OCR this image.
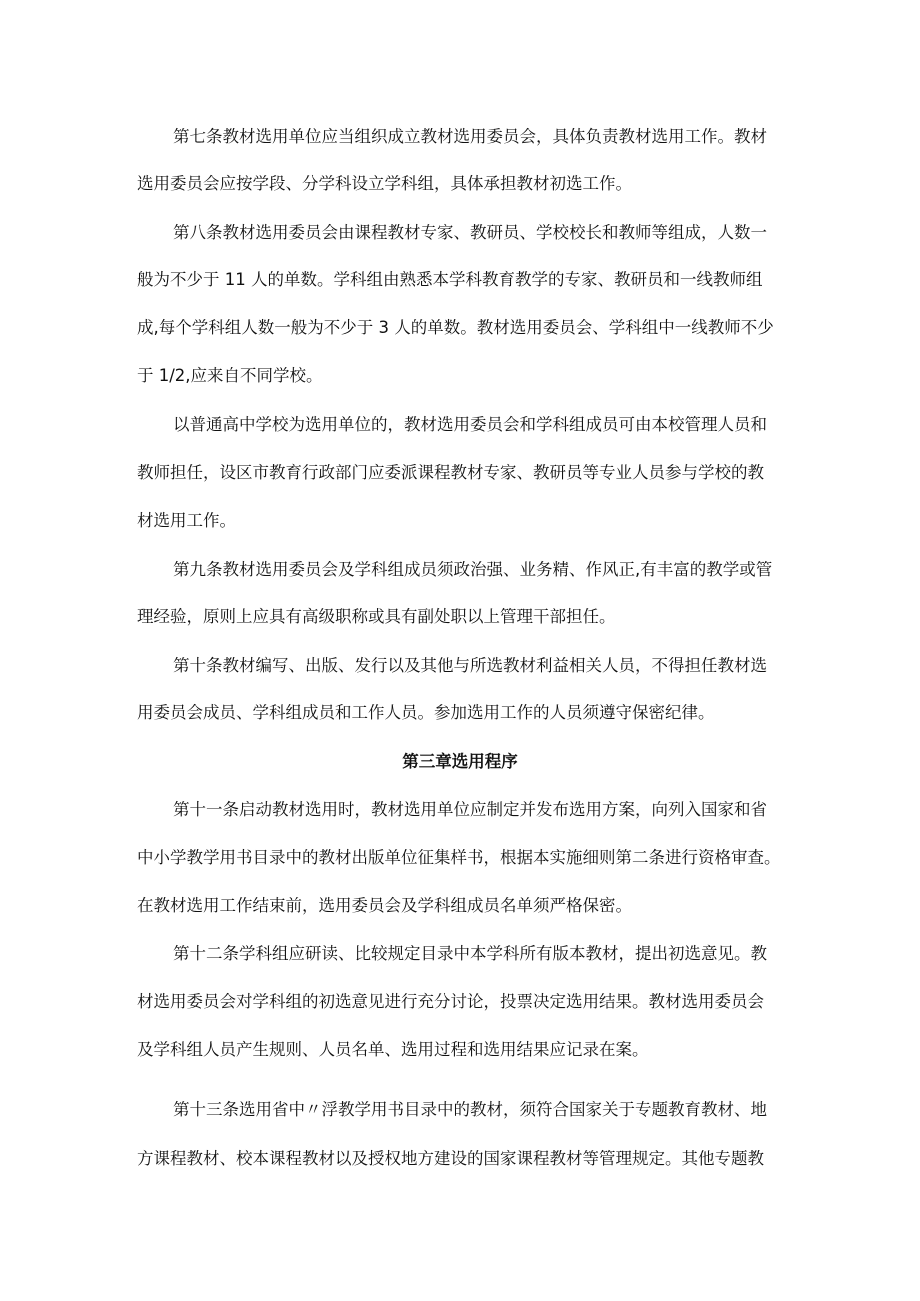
第七条教材选用单位应当组织成立教材选用委员会，具体负责教材选用工作。教材
选用委员会应按学段、分学科设立学科组，具体承担教材初选工作。
第八条教材选用委员会由课程教材专家、教研员、学校校长和教师等组成，人数一
般为不少于 11 人的单数。学科组由熟悉本学科教育教学的专家、教研员和一线教师组
成,每个学科组人数一般为不少于 3 人的单数。教材选用委员会、学科组中一线教师不少
于 1/2,应来自不同学校。
以普通高中学校为选用单位的，教材选用委员会和学科组成员可由本校管理人员和
教师担任，设区市教育行政部门应委派课程教材专家、教研员等专业人员参与学校的教
材选用工作。
第九条教材选用委员会及学科组成员须政治强、业务精、作风正,有丰富的教学或管
理经验，原则上应具有高级职称或具有副处职以上管理干部担任。
第十条教材编写、出版、发行以及其他与所选教材利益相关人员，不得担任教材选
用委员会成员、学科组成员和工作人员。参加选用工作的人员须遵守保密纪律。
第三章选用程序
第十一条启动教材选用时，教材选用单位应制定并发布选用方案，向列入国家和省
中小学教学用书目录中的教材出版单位征集样书，根据本实施细则第二条进行资格审查。
在教材选用工作结束前，选用委员会及学科组成员名单须严格保密。
第十二条学科组应研读、比较规定目录中本学科所有版本教材，提出初选意见。教
材选用委员会对学科组的初选意见进行充分讨论，投票决定选用结果。教材选用委员会
及学科组人员产生规则、人员名单、选用过程和选用结果应记录在案。
第十三条选用省中〃浮教学用书目录中的教材，须符合国家关于专题教育教材、地
方课程教材、校本课程教材以及授权地方建设的国家课程教材等管理规定。其他专题教
